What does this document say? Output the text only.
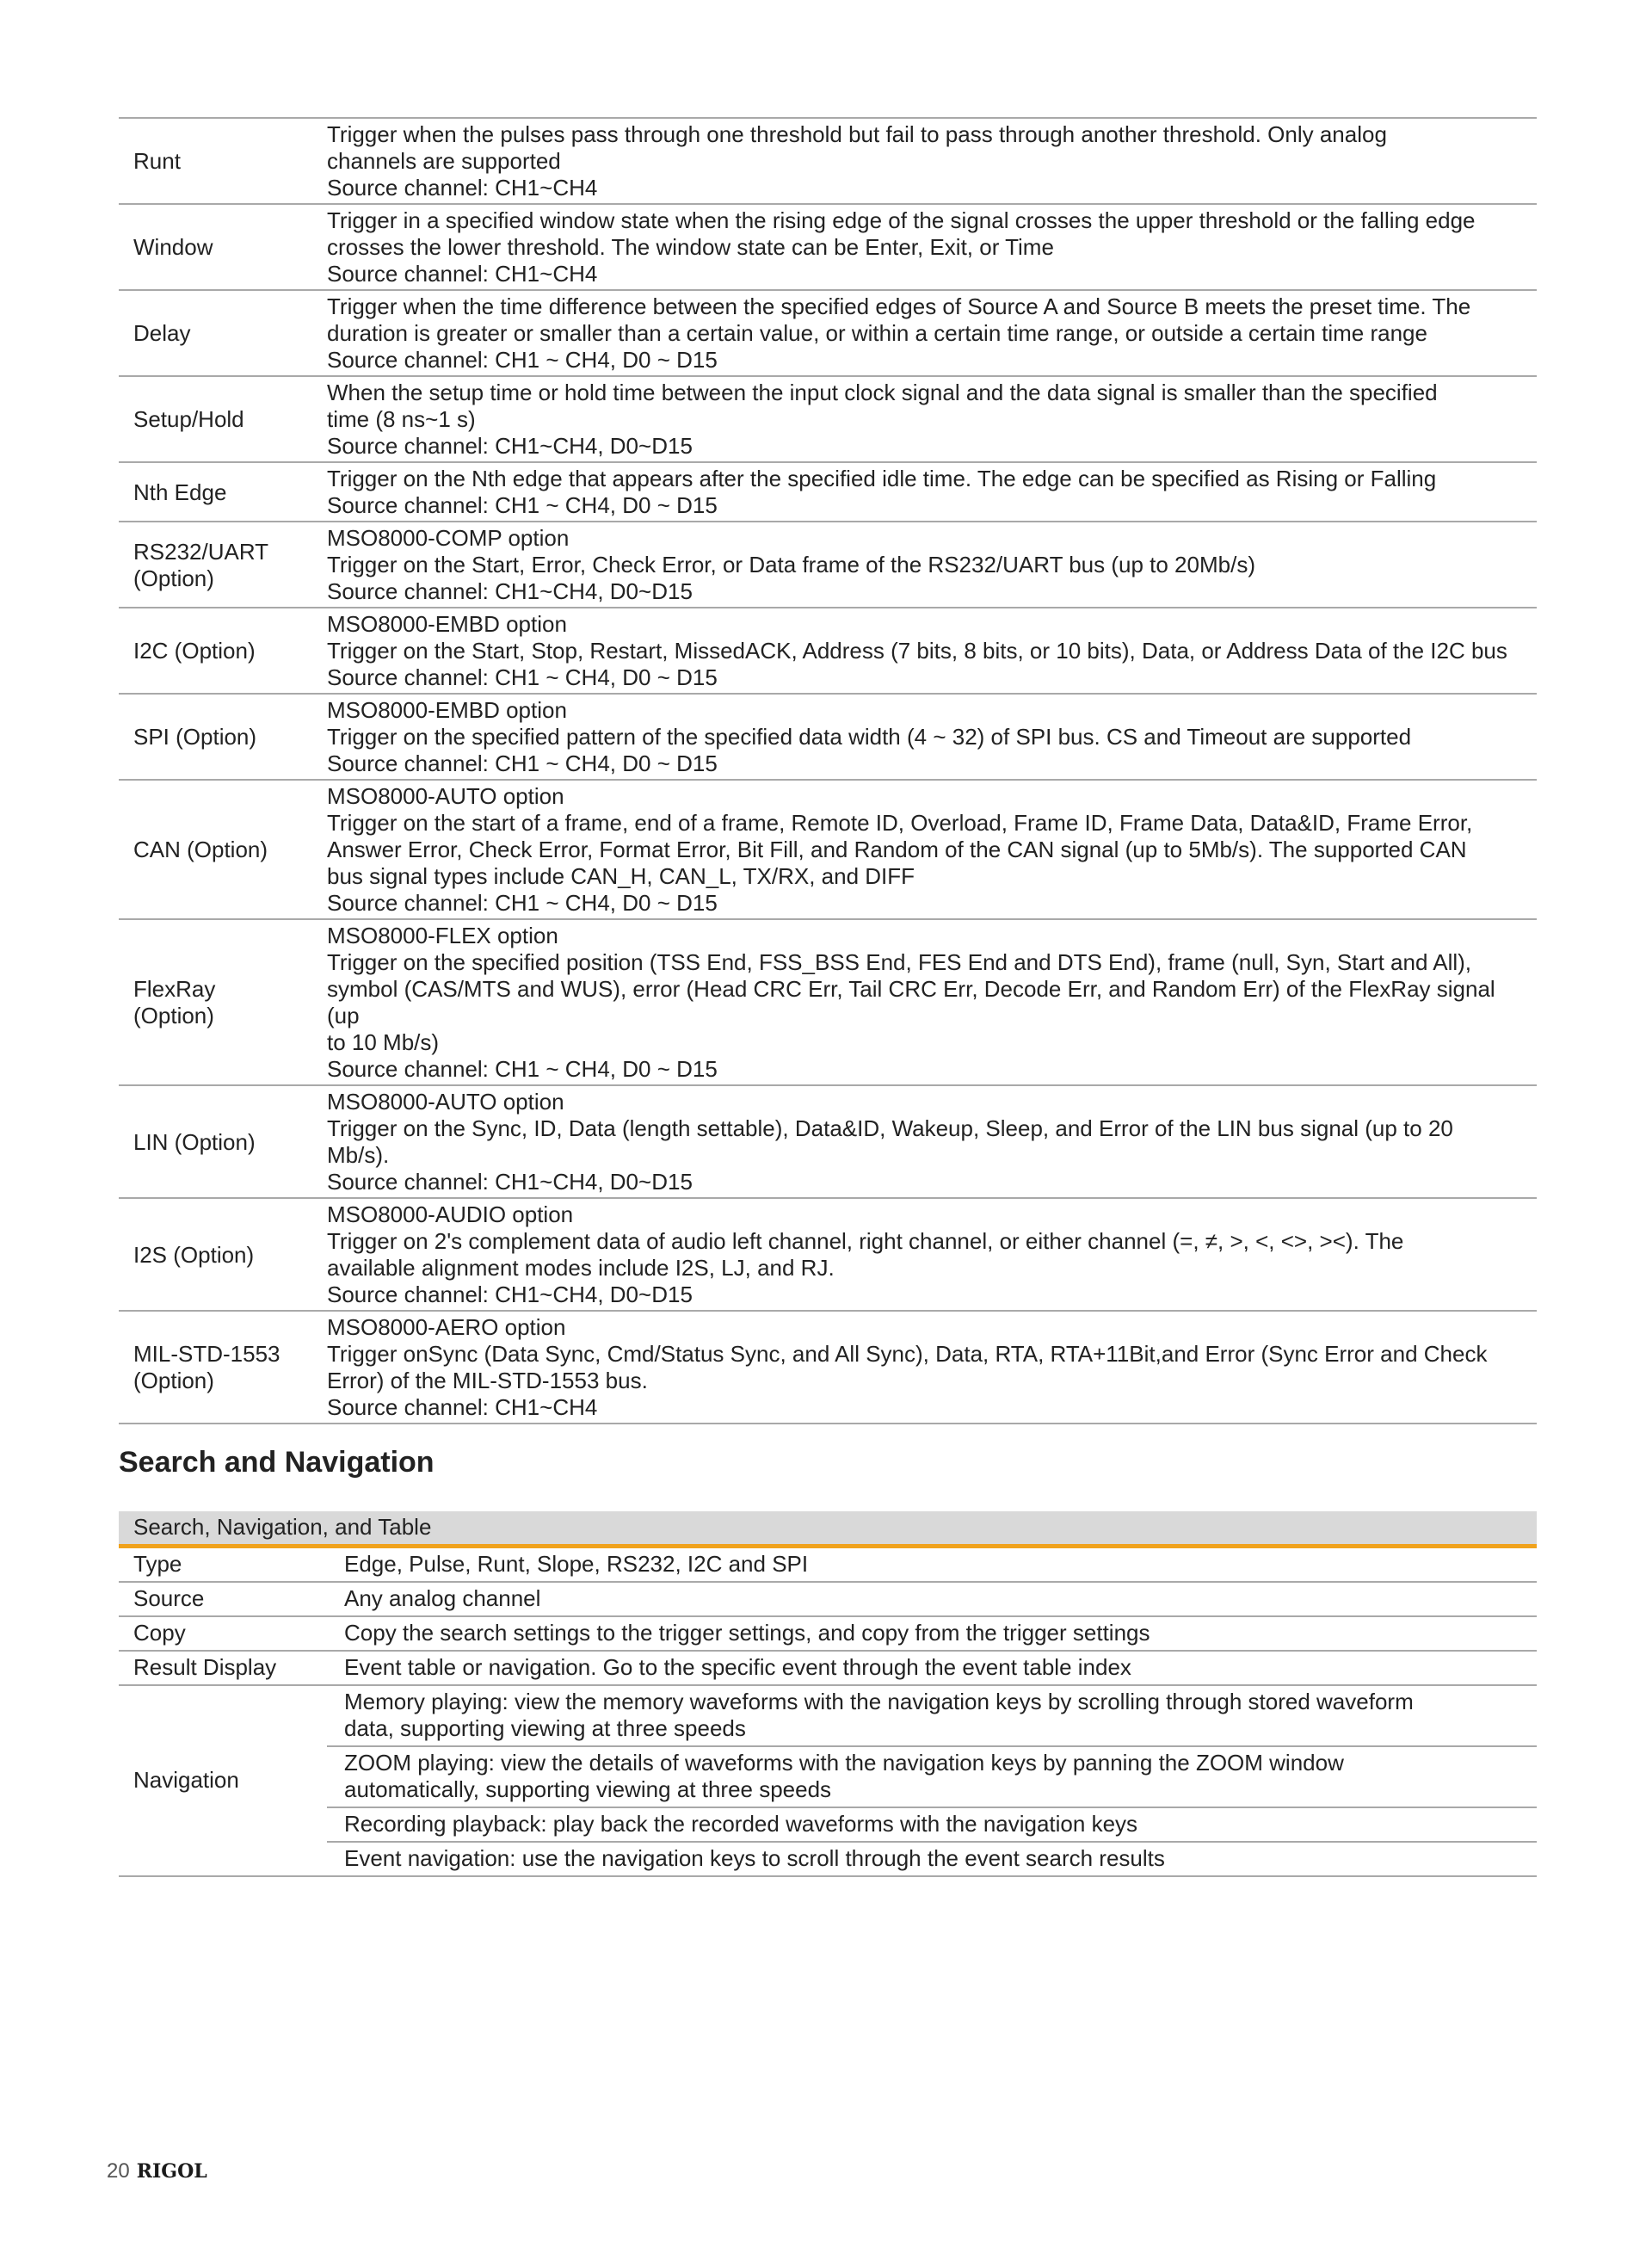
Runt	Trigger when the pulses pass through one threshold but fail to pass through another threshold. Only analog
channels are supported
Source channel: CH1~CH4

Window	Trigger in a specified window state when the rising edge of the signal crosses the upper threshold or the falling edge
crosses the lower threshold. The window state can be Enter, Exit, or Time
Source channel: CH1~CH4

Delay	Trigger when the time difference between the specified edges of Source A and Source B meets the preset time. The
duration is greater or smaller than a certain value, or within a certain time range, or outside a certain time range
Source channel: CH1 ~ CH4, D0 ~ D15

Setup/Hold	When the setup time or hold time between the input clock signal and the data signal is smaller than the specified
time (8 ns~1 s)
Source channel: CH1~CH4, D0~D15

Nth Edge	Trigger on the Nth edge that appears after the specified idle time. The edge can be specified as Rising or Falling
Source channel: CH1 ~ CH4, D0 ~ D15

RS232/UART
(Option)	MSO8000-COMP option
Trigger on the Start, Error, Check Error, or Data frame of the RS232/UART bus (up to 20Mb/s)
Source channel: CH1~CH4, D0~D15

I2C (Option)	MSO8000-EMBD option
Trigger on the Start, Stop, Restart, MissedACK, Address (7 bits, 8 bits, or 10 bits), Data, or Address Data of the I2C bus
Source channel: CH1 ~ CH4, D0 ~ D15

SPI (Option)	MSO8000-EMBD option
Trigger on the specified pattern of the specified data width (4 ~ 32) of SPI bus. CS and Timeout are supported
Source channel: CH1 ~ CH4, D0 ~ D15

CAN (Option)	MSO8000-AUTO option
Trigger on the start of a frame, end of a frame, Remote ID, Overload, Frame ID, Frame Data, Data&ID, Frame Error,
Answer Error, Check Error, Format Error, Bit Fill, and Random of the CAN signal (up to 5Mb/s). The supported CAN
bus signal types include CAN_H, CAN_L, TX/RX, and DIFF
Source channel: CH1 ~ CH4, D0 ~ D15

FlexRay
(Option)	MSO8000-FLEX option
Trigger on the specified position (TSS End, FSS_BSS End, FES End and DTS End), frame (null, Syn, Start and All),
symbol (CAS/MTS and WUS), error (Head CRC Err, Tail CRC Err, Decode Err, and Random Err) of the FlexRay signal (up
to 10 Mb/s)
Source channel: CH1 ~ CH4, D0 ~ D15

LIN (Option)	MSO8000-AUTO option
Trigger on the Sync, ID, Data (length settable), Data&ID, Wakeup, Sleep, and Error of the LIN bus signal (up to 20
Mb/s).
Source channel: CH1~CH4, D0~D15

I2S (Option)	MSO8000-AUDIO option
Trigger on 2's complement data of audio left channel, right channel, or either channel (=, ≠, >, <, <>, ><). The
available alignment modes include I2S, LJ, and RJ.
Source channel: CH1~CH4, D0~D15

MIL-STD-1553
(Option)	MSO8000-AERO option
Trigger onSync (Data Sync, Cmd/Status Sync, and All Sync), Data, RTA, RTA+11Bit,and Error (Sync Error and Check
Error) of the MIL-STD-1553 bus.
Source channel: CH1~CH4
Search and Navigation
Search, Navigation, and Table	
Type	Edge, Pulse, Runt, Slope, RS232, I2C and SPI

Source	Any analog channel

Copy	Copy the search settings to the trigger settings, and copy from the trigger settings

Result Display	Event table or navigation. Go to the specific event through the event table index

Navigation	Memory playing: view the memory waveforms with the navigation keys by scrolling through stored waveform
data, supporting viewing at three speeds

	ZOOM playing: view the details of waveforms with the navigation keys by panning the ZOOM window
automatically, supporting viewing at three speeds

	Recording playback: play back the recorded waveforms with the navigation keys

	Event navigation: use the navigation keys to scroll through the event search results
20 RIGOL
